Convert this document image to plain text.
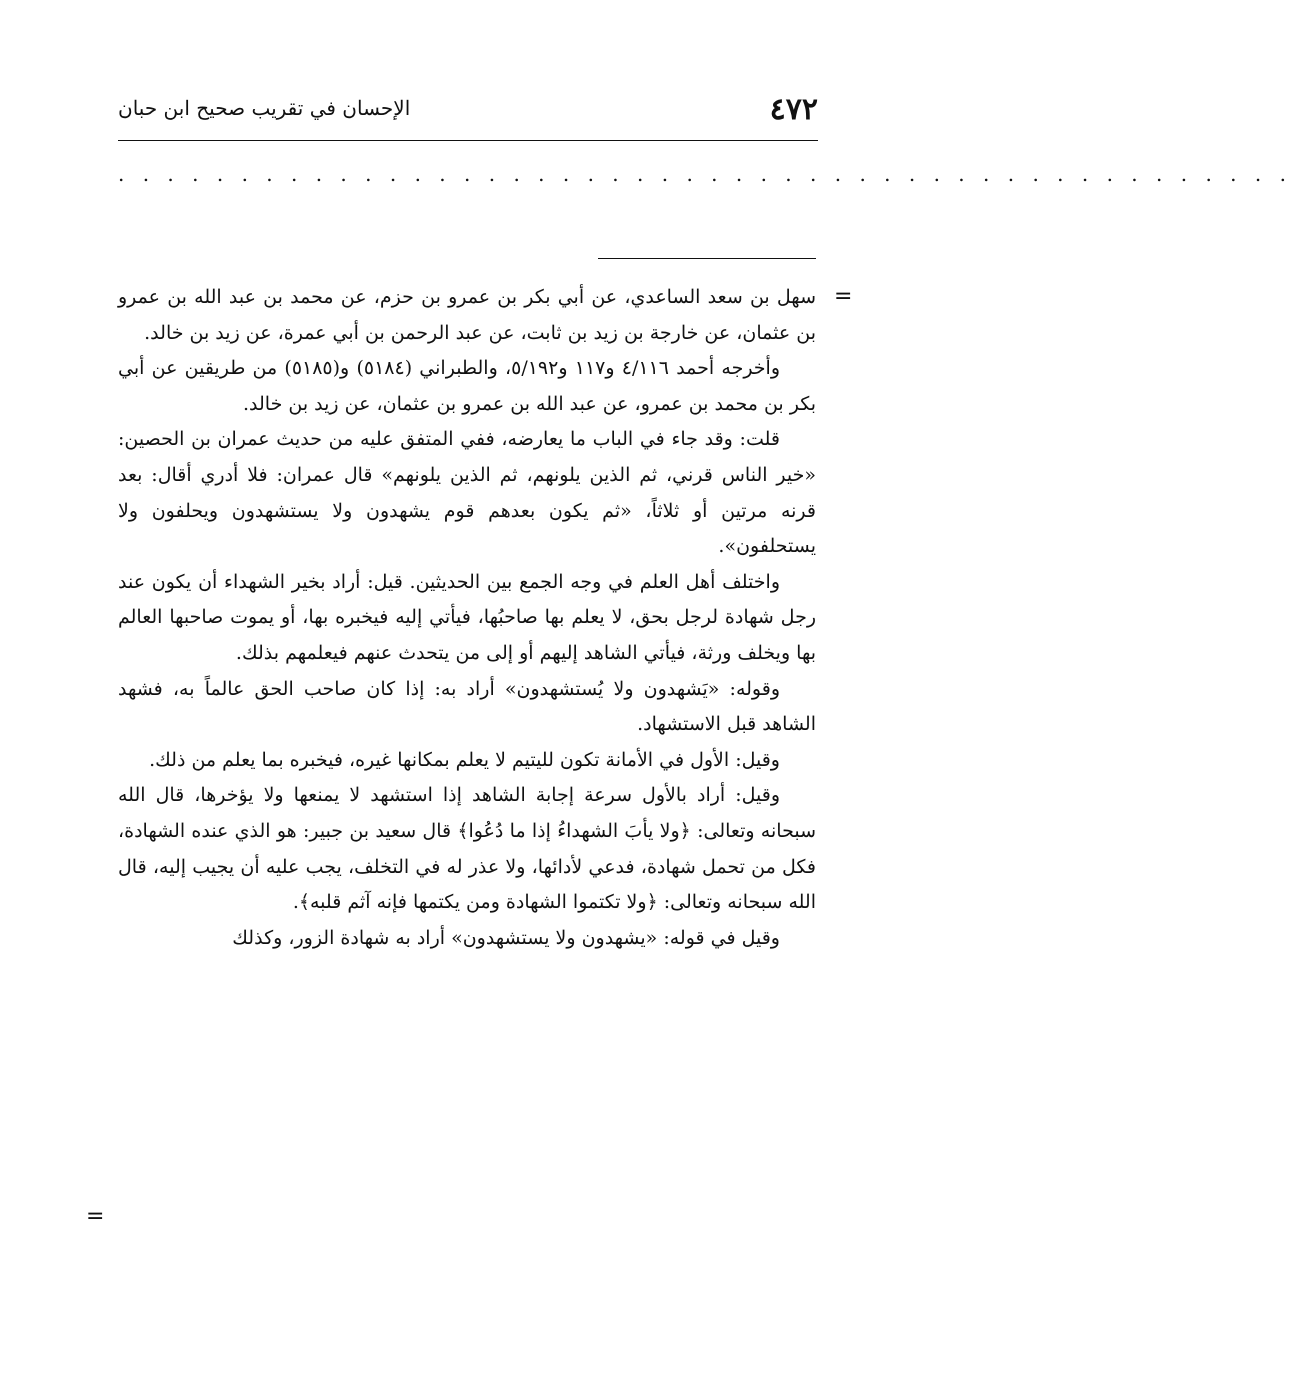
٤٧٢
الإحسان في تقريب صحيح ابن حبان
. . . . . . . . . . . . . . . . . . . . . . . . . . . . . . . . . . . . . . . . . . . . . . . .
=
=

سهل بن سعد الساعدي، عن أبي بكر بن عمرو بن حزم، عن محمد بن عبد الله بن عمرو بن عثمان، عن خارجة بن زيد بن ثابت، عن عبد الرحمن بن أبي عمرة، عن زيد بن خالد.

وأخرجه أحمد ٤/١١٦ و١١٧ و٥/١٩٢، والطبراني (٥١٨٤) و(٥١٨٥) من طريقين عن أبي بكر بن محمد بن عمرو، عن عبد الله بن عمرو بن عثمان، عن زيد بن خالد.

قلت: وقد جاء في الباب ما يعارضه، ففي المتفق عليه من حديث عمران بن الحصين: «خير الناس قرني، ثم الذين يلونهم، ثم الذين يلونهم» قال عمران: فلا أدري أقال: بعد قرنه مرتين أو ثلاثاً، «ثم يكون بعدهم قوم يشهدون ولا يستشهدون ويحلفون ولا يستحلفون».

واختلف أهل العلم في وجه الجمع بين الحديثين. قيل: أراد بخير الشهداء أن يكون عند رجل شهادة لرجل بحق، لا يعلم بها صاحبُها، فيأتي إليه فيخبره بها، أو يموت صاحبها العالم بها ويخلف ورثة، فيأتي الشاهد إليهم أو إلى من يتحدث عنهم فيعلمهم بذلك.

وقوله: «يَشهدون ولا يُستشهدون» أراد به: إذا كان صاحب الحق عالماً به، فشهد الشاهد قبل الاستشهاد.

وقيل: الأول في الأمانة تكون لليتيم لا يعلم بمكانها غيره، فيخبره بما يعلم من ذلك.

وقيل: أراد بالأول سرعة إجابة الشاهد إذا استشهد لا يمنعها ولا يؤخرها، قال الله سبحانه وتعالى: ﴿ولا يأبَ الشهداءُ إذا ما دُعُوا﴾ قال سعيد بن جبير: هو الذي عنده الشهادة، فكل من تحمل شهادة، فدعي لأدائها، ولا عذر له في التخلف، يجب عليه أن يجيب إليه، قال الله سبحانه وتعالى: ﴿ولا تكتموا الشهادة ومن يكتمها فإنه آثم قلبه﴾.

وقيل في قوله: «يشهدون ولا يستشهدون» أراد به شهادة الزور، وكذلك
